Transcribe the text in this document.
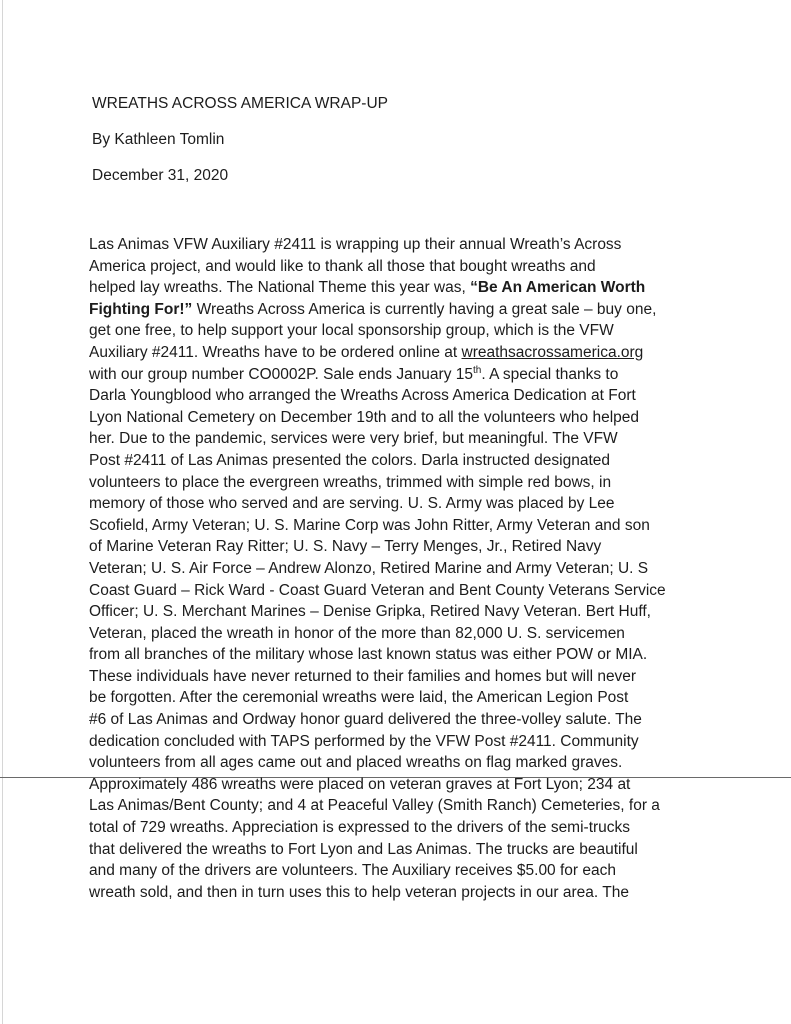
WREATHS ACROSS AMERICA WRAP-UP
By Kathleen Tomlin
December 31, 2020
Las Animas VFW Auxiliary #2411 is wrapping up their annual Wreath’s Across
America project, and would like to thank all those that bought wreaths and
helped lay wreaths. The National Theme this year was, “Be An American Worth
Fighting For!” Wreaths Across America is currently having a great sale – buy one,
get one free, to help support your local sponsorship group, which is the VFW
Auxiliary #2411. Wreaths have to be ordered online at wreathsacrossamerica.org
with our group number CO0002P. Sale ends January 15th. A special thanks to
Darla Youngblood who arranged the Wreaths Across America Dedication at Fort
Lyon National Cemetery on December 19th and to all the volunteers who helped
her. Due to the pandemic, services were very brief, but meaningful. The VFW
Post #2411 of Las Animas presented the colors. Darla instructed designated
volunteers to place the evergreen wreaths, trimmed with simple red bows, in
memory of those who served and are serving. U. S. Army was placed by Lee
Scofield, Army Veteran; U. S. Marine Corp was John Ritter, Army Veteran and son
of Marine Veteran Ray Ritter; U. S. Navy – Terry Menges, Jr., Retired Navy
Veteran; U. S. Air Force – Andrew Alonzo, Retired Marine and Army Veteran; U. S
Coast Guard – Rick Ward - Coast Guard Veteran and Bent County Veterans Service
Officer; U. S. Merchant Marines – Denise Gripka, Retired Navy Veteran. Bert Huff,
Veteran, placed the wreath in honor of the more than 82,000 U. S. servicemen
from all branches of the military whose last known status was either POW or MIA.
These individuals have never returned to their families and homes but will never
be forgotten. After the ceremonial wreaths were laid, the American Legion Post
#6 of Las Animas and Ordway honor guard delivered the three-volley salute. The
dedication concluded with TAPS performed by the VFW Post #2411. Community
volunteers from all ages came out and placed wreaths on flag marked graves.
Approximately 486 wreaths were placed on veteran graves at Fort Lyon; 234 at
Las Animas/Bent County; and 4 at Peaceful Valley (Smith Ranch) Cemeteries, for a
total of 729 wreaths. Appreciation is expressed to the drivers of the semi-trucks
that delivered the wreaths to Fort Lyon and Las Animas. The trucks are beautiful
and many of the drivers are volunteers. The Auxiliary receives $5.00 for each
wreath sold, and then in turn uses this to help veteran projects in our area. The
